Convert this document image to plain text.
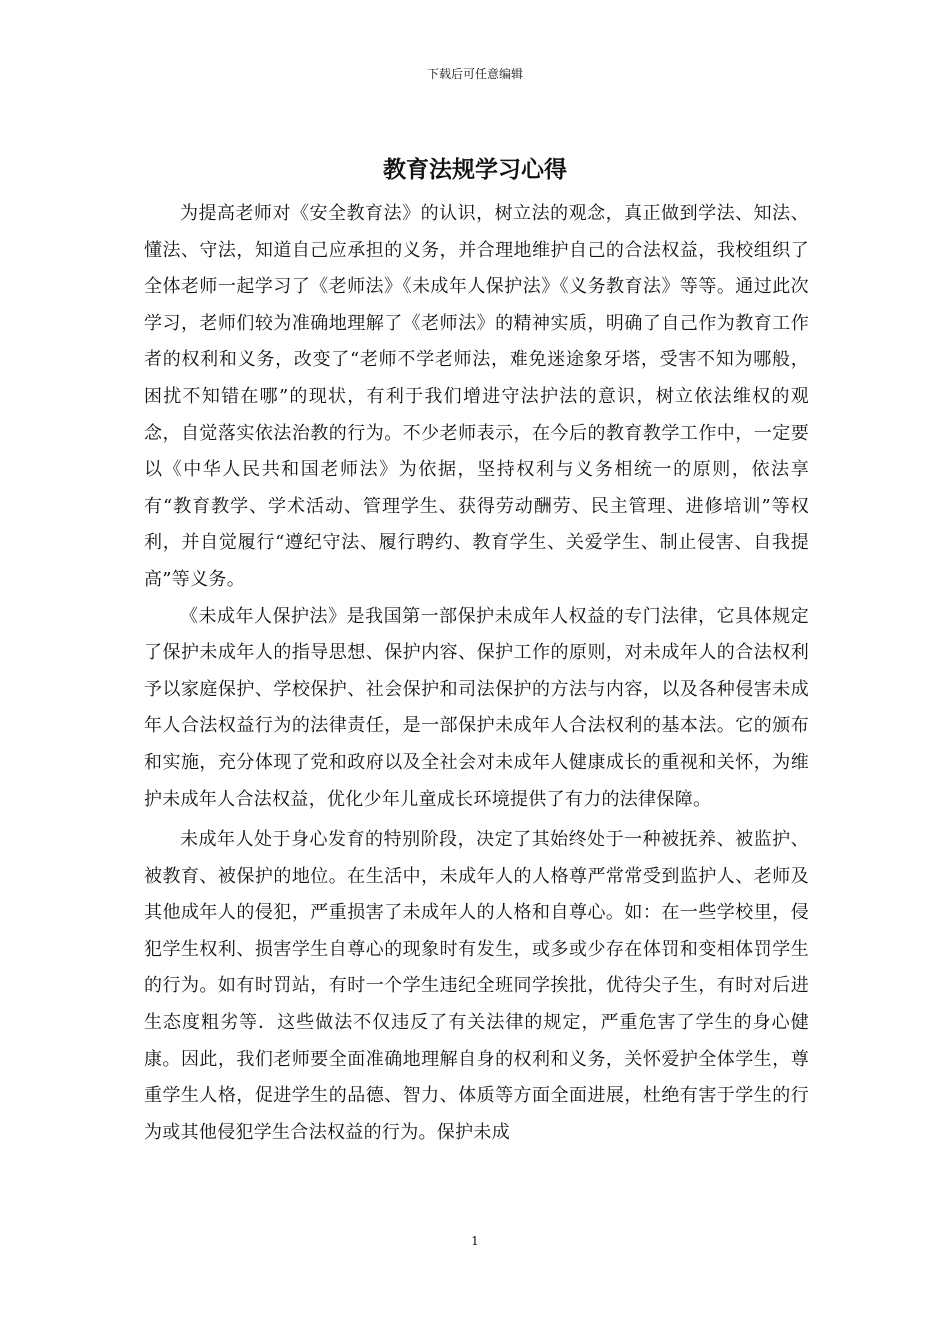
下载后可任意编辑
教育法规学习心得

为提高老师对《安全教育法》的认识，树立法的观念，真正做到学法、知法、懂法、守法，知道自己应承担的义务，并合理地维护自己的合法权益，我校组织了全体老师一起学习了《老师法》《未成年人保护法》《义务教育法》等等。通过此次学习，老师们较为准确地理解了《老师法》的精神实质，明确了自己作为教育工作者的权利和义务，改变了“老师不学老师法，难免迷途象牙塔，受害不知为哪般，困扰不知错在哪”的现状，有利于我们增进守法护法的意识，树立依法维权的观念，自觉落实依法治教的行为。不少老师表示，在今后的教育教学工作中，一定要以《中华人民共和国老师法》为依据，坚持权利与义务相统一的原则，依法享有“教育教学、学术活动、管理学生、获得劳动酬劳、民主管理、进修培训”等权利，并自觉履行“遵纪守法、履行聘约、教育学生、关爱学生、制止侵害、自我提高”等义务。

《未成年人保护法》是我国第一部保护未成年人权益的专门法律，它具体规定了保护未成年人的指导思想、保护内容、保护工作的原则，对未成年人的合法权利予以家庭保护、学校保护、社会保护和司法保护的方法与内容，以及各种侵害未成年人合法权益行为的法律责任，是一部保护未成年人合法权利的基本法。它的颁布和实施，充分体现了党和政府以及全社会对未成年人健康成长的重视和关怀，为维护未成年人合法权益，优化少年儿童成长环境提供了有力的法律保障。

未成年人处于身心发育的特别阶段，决定了其始终处于一种被抚养、被监护、被教育、被保护的地位。在生活中，未成年人的人格尊严常常受到监护人、老师及其他成年人的侵犯，严重损害了未成年人的人格和自尊心。如：在一些学校里，侵犯学生权利、损害学生自尊心的现象时有发生，或多或少存在体罚和变相体罚学生的行为。如有时罚站，有时一个学生违纪全班同学挨批，优待尖子生，有时对后进生态度粗劣等．这些做法不仅违反了有关法律的规定，严重危害了学生的身心健康。因此，我们老师要全面准确地理解自身的权利和义务，关怀爱护全体学生，尊重学生人格，促进学生的品德、智力、体质等方面全面进展，杜绝有害于学生的行为或其他侵犯学生合法权益的行为。保护未成

1
